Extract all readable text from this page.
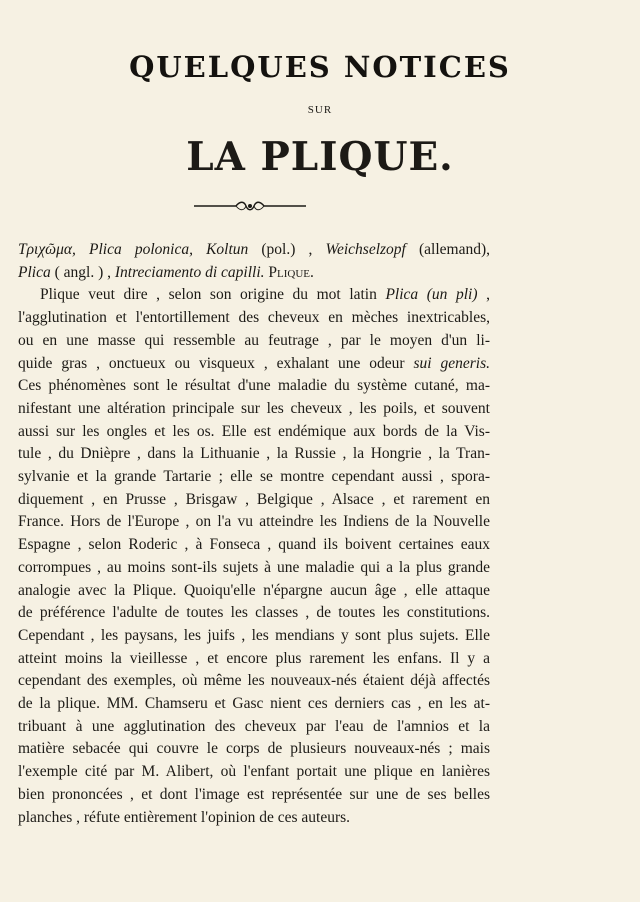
QUELQUES NOTICES
SUR
LA PLIQUE.
Τριχῶμα, Plica polonica, Koltun (pol.) , Weichselzopf (allemand),
Plica ( angl. ) , Intreciamento di capilli. Plique.
Plique veut dire , selon son origine du mot latin Plica (un pli) ,
l'agglutination et l'entortillement des cheveux en mèches inextricables,
ou en une masse qui ressemble au feutrage , par le moyen d'un li-
quide gras , onctueux ou visqueux , exhalant une odeur sui generis.
Ces phénomènes sont le résultat d'une maladie du système cutané, ma-
nifestant une altération principale sur les cheveux , les poils, et souvent
aussi sur les ongles et les os. Elle est endémique aux bords de la Vis-
tule , du Dnièpre , dans la Lithuanie , la Russie , la Hongrie , la Tran-
sylvanie et la grande Tartarie ; elle se montre cependant aussi , spora-
diquement , en Prusse , Brisgaw , Belgique , Alsace , et rarement en
France. Hors de l'Europe , on l'a vu atteindre les Indiens de la Nouvelle
Espagne , selon Roderic , à Fonseca , quand ils boivent certaines eaux
corrompues , au moins sont-ils sujets à une maladie qui a la plus grande
analogie avec la Plique. Quoiqu'elle n'épargne aucun âge , elle attaque
de préférence l'adulte de toutes les classes , de toutes les constitutions.
Cependant , les paysans, les juifs , les mendians y sont plus sujets. Elle
atteint moins la vieillesse , et encore plus rarement les enfans. Il y a
cependant des exemples, où même les nouveaux-nés étaient déjà affectés
de la plique. MM. Chamseru et Gasc nient ces derniers cas , en les at-
tribuant à une agglutination des cheveux par l'eau de l'amnios et la
matière sebacée qui couvre le corps de plusieurs nouveaux-nés ; mais
l'exemple cité par M. Alibert, où l'enfant portait une plique en lanières
bien prononcées , et dont l'image est représentée sur une de ses belles
planches , réfute entièrement l'opinion de ces auteurs.
